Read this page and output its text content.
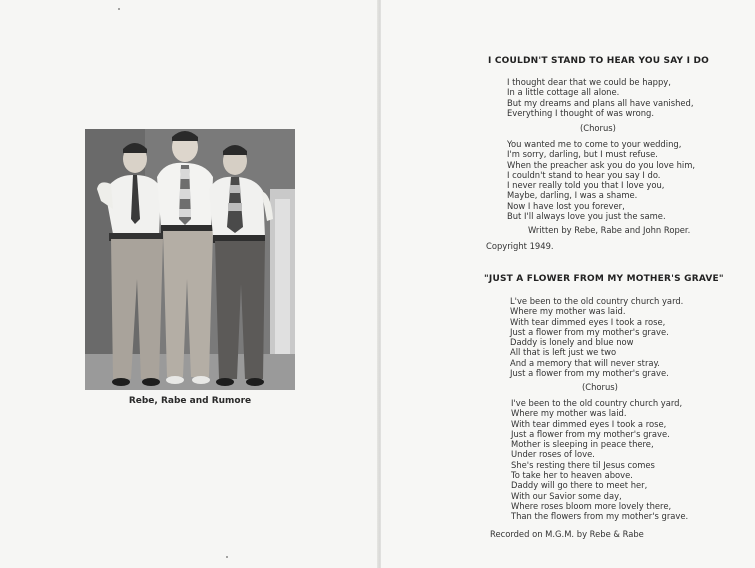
Rebe, Rabe and Rumore
I COULDN'T STAND TO HEAR YOU SAY I DO
I thought dear that we could be happy,
In a little cottage all alone.
But my dreams and plans all have vanished,
Everything I thought of was wrong.
(Chorus)
You wanted me to come to your wedding,
I'm sorry, darling, but I must refuse.
When the preacher ask you do you love him,
I couldn't stand to hear you say I do.
I never really told you that I love you,
Maybe, darling, I was a shame.
Now I have lost you forever,
But I'll always love you just the same.
Written by Rebe, Rabe and John Roper.
Copyright 1949.
"JUST A FLOWER FROM MY MOTHER'S GRAVE"
L've been to the old country church yard.
Where my mother was laid.
With tear dimmed eyes I took a rose,
Just a flower from my mother's grave.
Daddy is lonely and blue now
All that is left just we two
And a memory that will never stray.
Just a flower from my mother's grave.
(Chorus)
I've been to the old country church yard,
Where my mother was laid.
With tear dimmed eyes I took a rose,
Just a flower from my mother's grave.
Mother is sleeping in peace there,
Under roses of love.
She's resting there til Jesus comes
To take her to heaven above.
Daddy will go there to meet her,
With our Savior some day,
Where roses bloom more lovely there,
Than the flowers from my mother's grave.
Recorded on M.G.M. by Rebe & Rabe
